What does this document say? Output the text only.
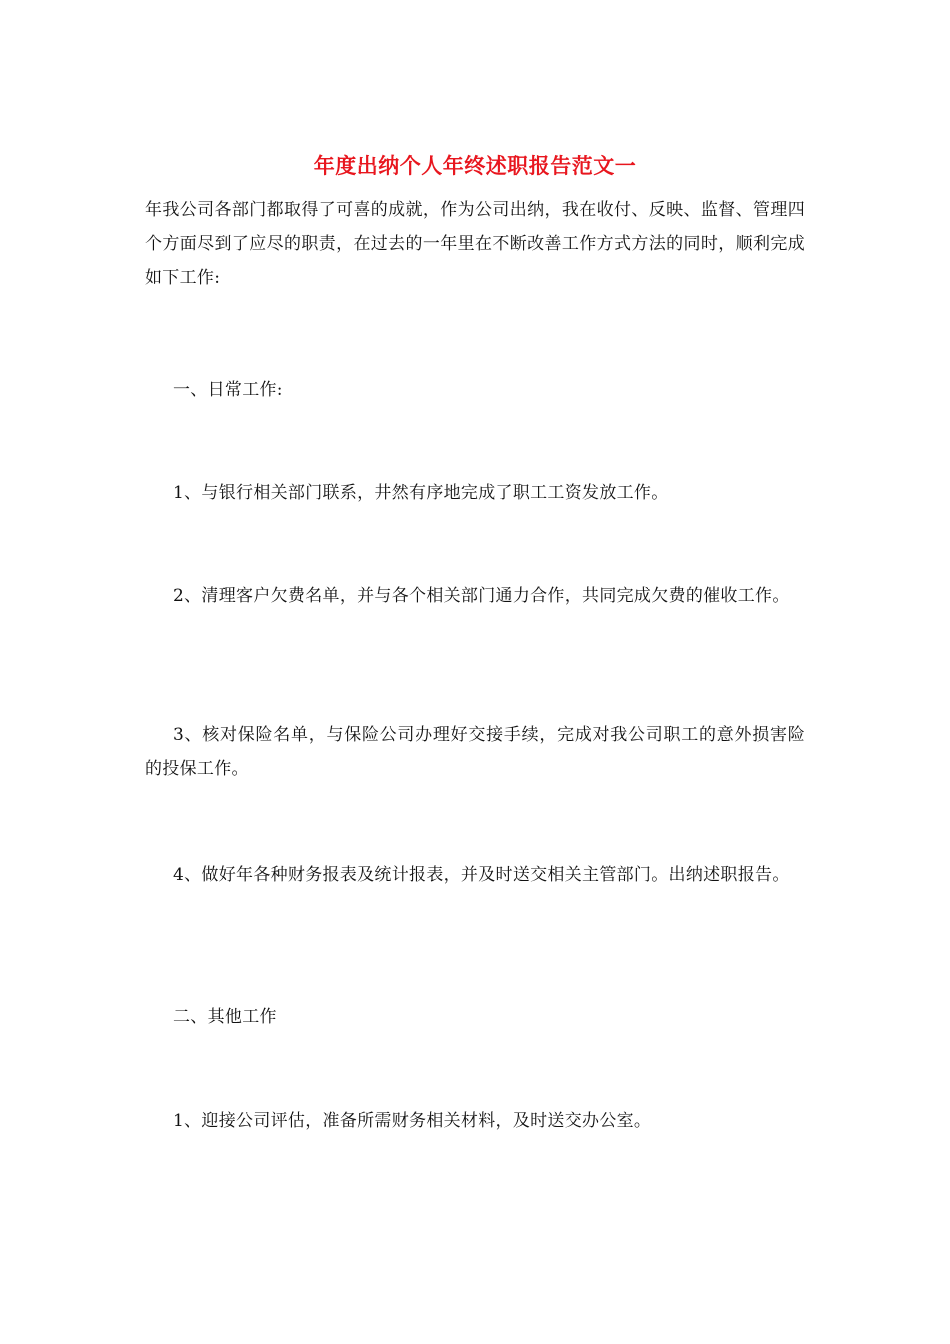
年度出纳个人年终述职报告范文一

年我公司各部门都取得了可喜的成就，作为公司出纳，我在收付、反映、监督、管理四个方面尽到了应尽的职责，在过去的一年里在不断改善工作方式方法的同时，顺利完成如下工作:

一、日常工作:

1、与银行相关部门联系，井然有序地完成了职工工资发放工作。

2、清理客户欠费名单，并与各个相关部门通力合作，共同完成欠费的催收工作。

3、核对保险名单，与保险公司办理好交接手续，完成对我公司职工的意外损害险的投保工作。

4、做好年各种财务报表及统计报表，并及时送交相关主管部门。出纳述职报告。

二、其他工作

1、迎接公司评估，准备所需财务相关材料，及时送交办公室。
